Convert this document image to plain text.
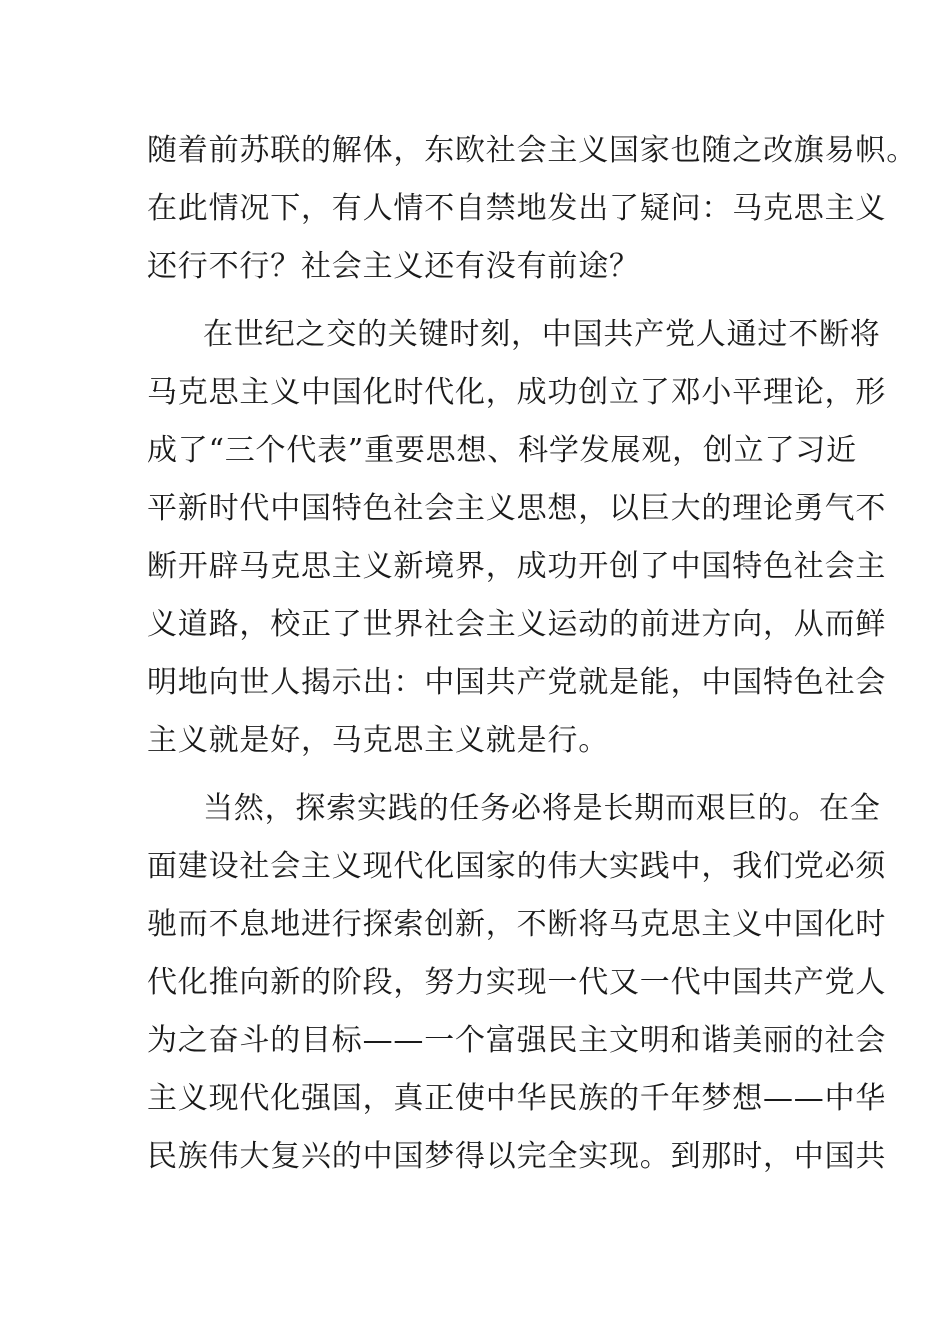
随着前苏联的解体，东欧社会主义国家也随之改旗易帜。
在此情况下，有人情不自禁地发出了疑问：马克思主义
还行不行？社会主义还有没有前途？
在世纪之交的关键时刻，中国共产党人通过不断将
马克思主义中国化时代化，成功创立了邓小平理论，形
成了“三个代表”重要思想、科学发展观，创立了习近
平新时代中国特色社会主义思想，以巨大的理论勇气不
断开辟马克思主义新境界，成功开创了中国特色社会主
义道路，校正了世界社会主义运动的前进方向，从而鲜
明地向世人揭示出：中国共产党就是能，中国特色社会
主义就是好，马克思主义就是行。
当然，探索实践的任务必将是长期而艰巨的。在全
面建设社会主义现代化国家的伟大实践中，我们党必须
驰而不息地进行探索创新，不断将马克思主义中国化时
代化推向新的阶段，努力实现一代又一代中国共产党人
为之奋斗的目标——一个富强民主文明和谐美丽的社会
主义现代化强国，真正使中华民族的千年梦想——中华
民族伟大复兴的中国梦得以完全实现。到那时，中国共
